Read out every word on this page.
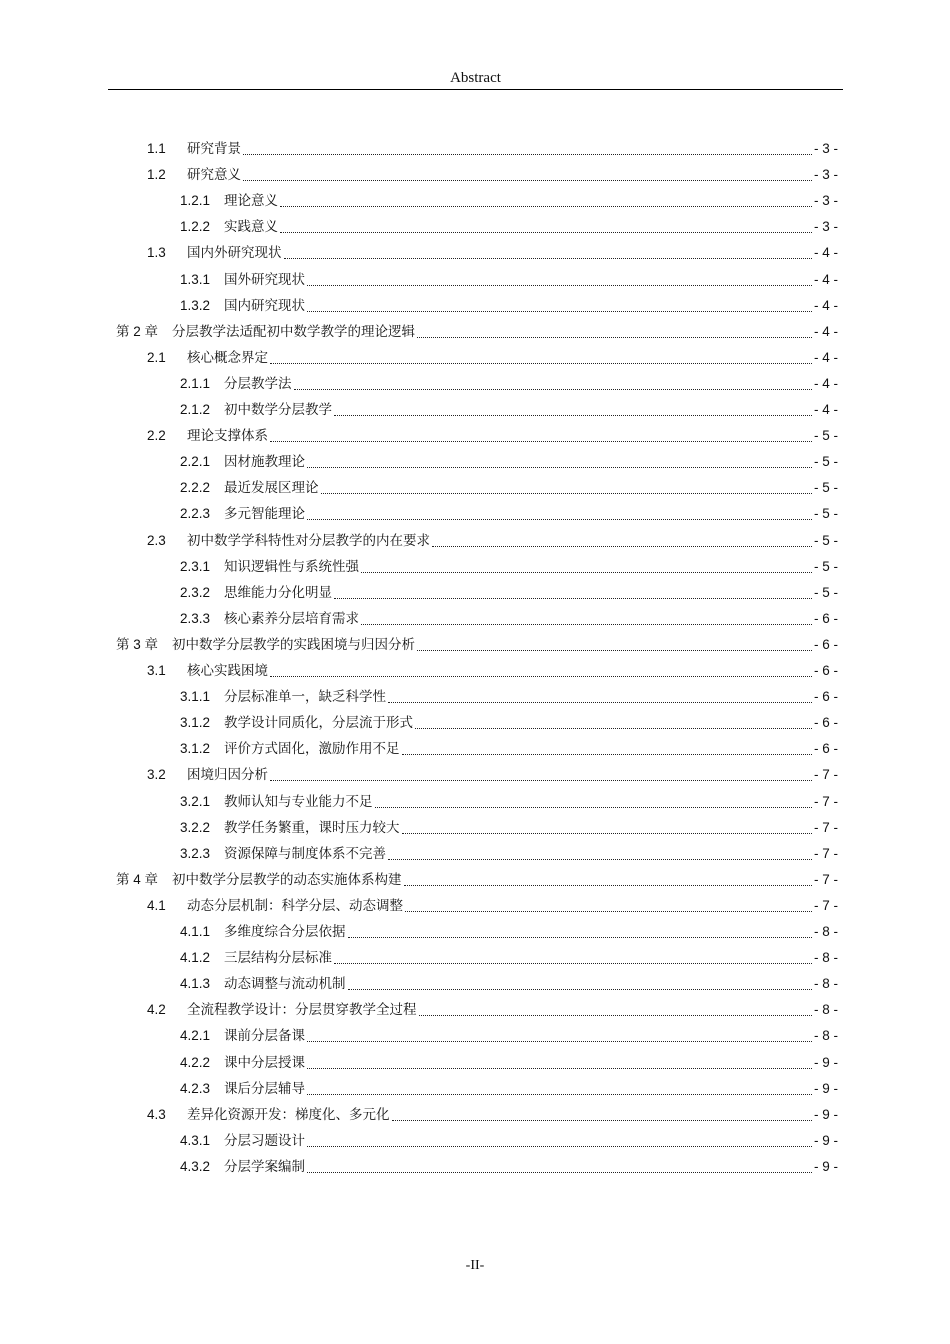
Abstract
1.1	研究背景	- 3 -
1.2	研究意义	- 3 -
1.2.1	理论意义	- 3 -
1.2.2	实践意义	- 3 -
1.3	国内外研究现状	- 4 -
1.3.1	国外研究现状	- 4 -
1.3.2	国内研究现状	- 4 -
第 2 章	分层教学法适配初中数学教学的理论逻辑	- 4 -
2.1	核心概念界定	- 4 -
2.1.1	分层教学法	- 4 -
2.1.2	初中数学分层教学	- 4 -
2.2	理论支撑体系	- 5 -
2.2.1	因材施教理论	- 5 -
2.2.2	最近发展区理论	- 5 -
2.2.3	多元智能理论	- 5 -
2.3	初中数学学科特性对分层教学的内在要求	- 5 -
2.3.1	知识逻辑性与系统性强	- 5 -
2.3.2	思维能力分化明显	- 5 -
2.3.3	核心素养分层培育需求	- 6 -
第 3 章	初中数学分层教学的实践困境与归因分析	- 6 -
3.1	核心实践困境	- 6 -
3.1.1	分层标准单一，缺乏科学性	- 6 -
3.1.2	教学设计同质化，分层流于形式	- 6 -
3.1.2	评价方式固化，激励作用不足	- 6 -
3.2	困境归因分析	- 7 -
3.2.1	教师认知与专业能力不足	- 7 -
3.2.2	教学任务繁重，课时压力较大	- 7 -
3.2.3	资源保障与制度体系不完善	- 7 -
第 4 章	初中数学分层教学的动态实施体系构建	- 7 -
4.1	动态分层机制：科学分层、动态调整	- 7 -
4.1.1	多维度综合分层依据	- 8 -
4.1.2	三层结构分层标准	- 8 -
4.1.3	动态调整与流动机制	- 8 -
4.2	全流程教学设计：分层贯穿教学全过程	- 8 -
4.2.1	课前分层备课	- 8 -
4.2.2	课中分层授课	- 9 -
4.2.3	课后分层辅导	- 9 -
4.3	差异化资源开发：梯度化、多元化	- 9 -
4.3.1	分层习题设计	- 9 -
4.3.2	分层学案编制	- 9 -
-II-
